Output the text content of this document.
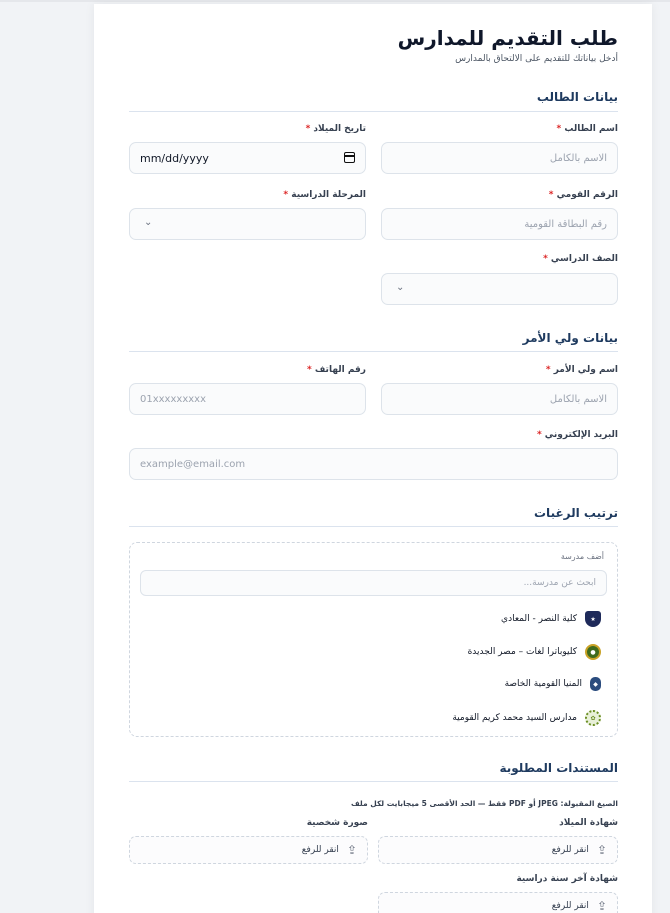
طلب التقديم للمدارس
أدخل بياناتك للتقديم على الالتحاق بالمدارس
بيانات الطالب
اسم الطالب *
الاسم بالكامل
تاريخ الميلاد *
mm/dd/yyyy
الرقم القومي *
رقم البطاقة القومية
المرحلة الدراسية *
⌄
الصف الدراسي *
⌄
بيانات ولي الأمر
اسم ولي الأمر *
الاسم بالكامل
رقم الهاتف *
01xxxxxxxxx
البريد الإلكتروني *
example@email.com
ترتيب الرغبات
أضف مدرسة
ابحث عن مدرسة...
★
كلية النصر - المعادي
●
كليوباترا لغات – مصر الجديدة
◆
المنيا القومية الخاصة
✿
مدارس السيد محمد كريم القومية
المستندات المطلوبة
الصيغ المقبولة: JPEG أو PDF فقط — الحد الأقصى 5 ميجابايت لكل ملف
شهادة الميلاد
⇪
انقر للرفع
صورة شخصية
⇪
انقر للرفع
شهادة آخر سنة دراسية
⇪
انقر للرفع
